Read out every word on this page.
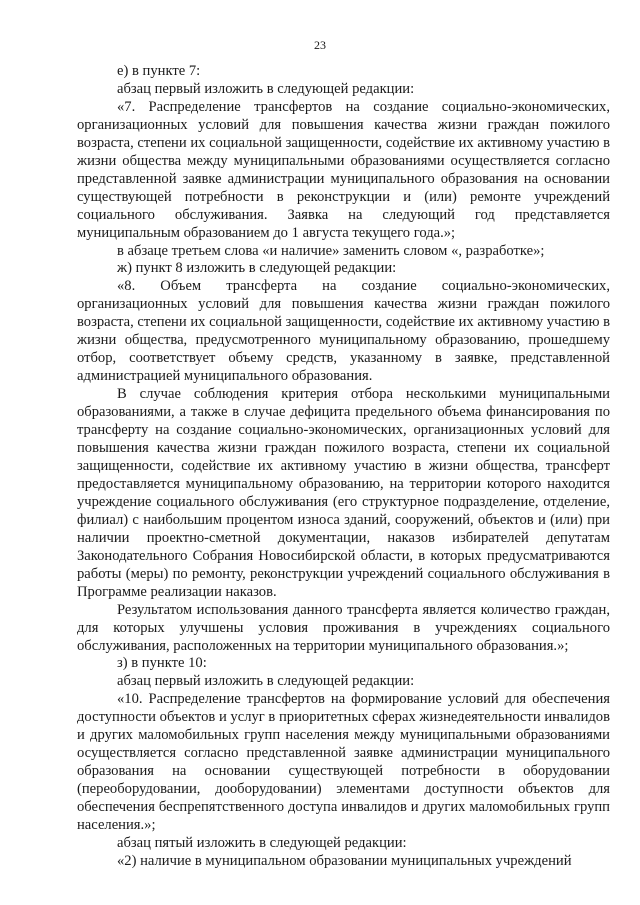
23

е) в пункте 7:

абзац первый изложить в следующей редакции:

«7. Распределение трансфертов на создание социально-экономических, организационных условий для повышения качества жизни граждан пожилого возраста, степени их социальной защищенности, содействие их активному участию в жизни общества между муниципальными образованиями осуществляется согласно представленной заявке администрации муниципального образования на основании существующей потребности в реконструкции и (или) ремонте учреждений социального обслуживания. Заявка на следующий год представляется муниципальным образованием до 1 августа текущего года.»;

в абзаце третьем слова «и наличие» заменить словом «, разработке»;

ж) пункт 8 изложить в следующей редакции:

«8. Объем трансферта на создание социально-экономических, организационных условий для повышения качества жизни граждан пожилого возраста, степени их социальной защищенности, содействие их активному участию в жизни общества, предусмотренного муниципальному образованию, прошедшему отбор, соответствует объему средств, указанному в заявке, представленной администрацией муниципального образования.

В случае соблюдения критерия отбора несколькими муниципальными образованиями, а также в случае дефицита предельного объема финансирования по трансферту на создание социально-экономических, организационных условий для повышения качества жизни граждан пожилого возраста, степени их социальной защищенности, содействие их активному участию в жизни общества, трансферт предоставляется муниципальному образованию, на территории которого находится учреждение социального обслуживания (его структурное подразделение, отделение, филиал) с наибольшим процентом износа зданий, сооружений, объектов и (или) при наличии проектно-сметной документации, наказов избирателей депутатам Законодательного Собрания Новосибирской области, в которых предусматриваются работы (меры) по ремонту, реконструкции учреждений социального обслуживания в Программе реализации наказов.

Результатом использования данного трансферта является количество граждан, для которых улучшены условия проживания в учреждениях социального обслуживания, расположенных на территории муниципального образования.»;

з) в пункте 10:

абзац первый изложить в следующей редакции:

«10. Распределение трансфертов на формирование условий для обеспечения доступности объектов и услуг в приоритетных сферах жизнедеятельности инвалидов и других маломобильных групп населения между муниципальными образованиями осуществляется согласно представленной заявке администрации муниципального образования на основании существующей потребности в оборудовании (переоборудовании, дооборудовании) элементами доступности объектов для обеспечения беспрепятственного доступа инвалидов и других маломобильных групп населения.»;

абзац пятый изложить в следующей редакции:

«2) наличие в муниципальном образовании муниципальных учреждений
